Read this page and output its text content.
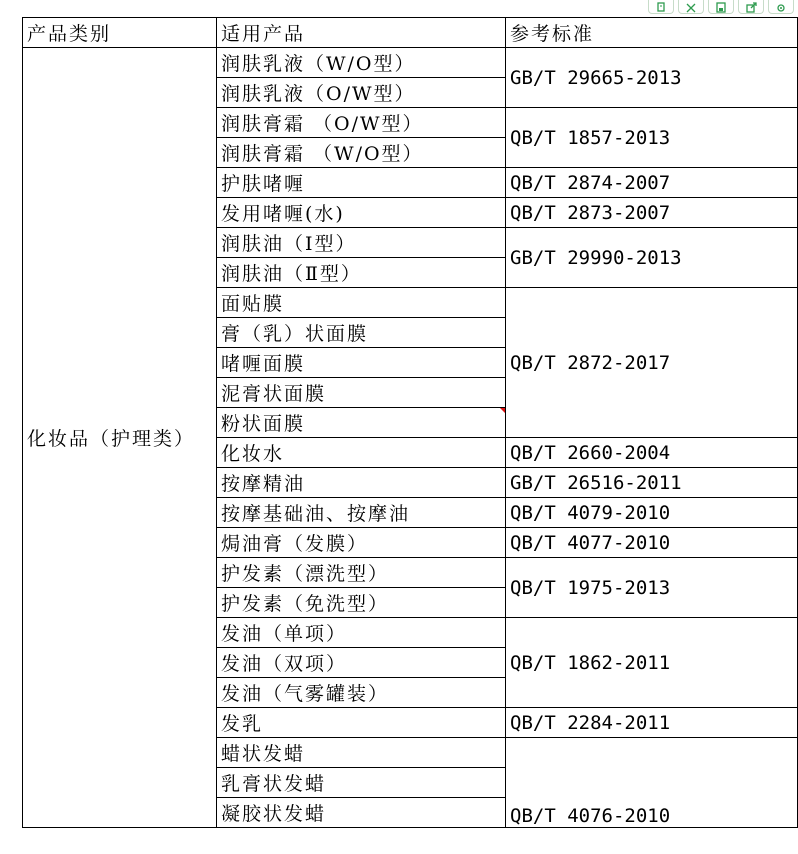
产品类别	适用产品	参考标准
化妆品（护理类）	润肤乳液（W/O型）	GB/T 29665-2013
	润肤乳液（O/W型）	
	润肤膏霜 （O/W型）	QB/T 1857-2013
	润肤膏霜 （W/O型）	
	护肤啫喱	QB/T 2874-2007
	发用啫喱(水)	QB/T 2873-2007
	润肤油（Ⅰ型）	GB/T 29990-2013
	润肤油（Ⅱ型）	
	面贴膜	QB/T 2872-2017
	膏（乳）状面膜	
	啫喱面膜	
	泥膏状面膜	
	粉状面膜	

	化妆水	QB/T 2660-2004
	按摩精油	GB/T 26516-2011
	按摩基础油、按摩油	QB/T 4079-2010
	焗油膏（发膜）	QB/T 4077-2010
	护发素（漂洗型）	QB/T 1975-2013
	护发素（免洗型）	
	发油（单项）	QB/T 1862-2011
	发油（双项）	
	发油（气雾罐装）	
	发乳	QB/T 2284-2011
	蜡状发蜡	QB/T 4076-2010
	乳膏状发蜡	
	凝胶状发蜡	
